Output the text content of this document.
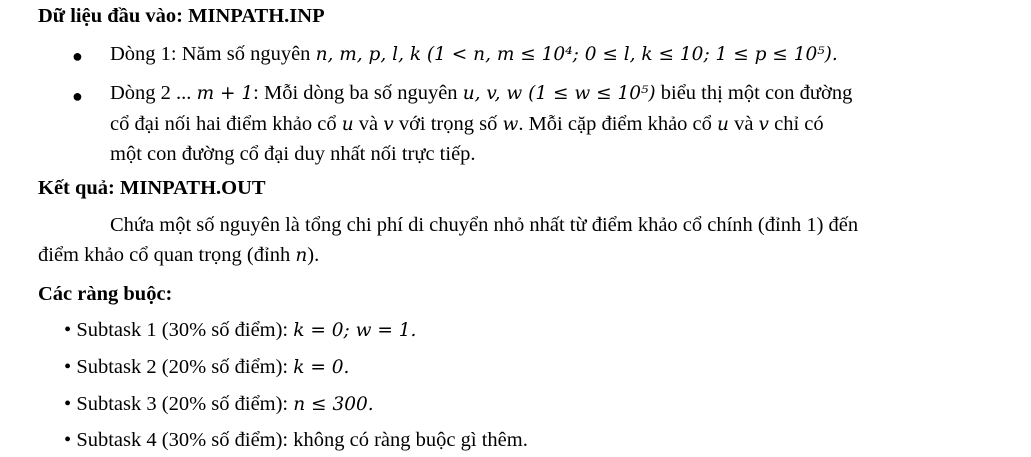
Dữ liệu đầu vào: MINPATH.INP
● Dòng 1: Năm số nguyên n, m, p, l, k (1 < n, m ≤ 10⁴; 0 ≤ l, k ≤ 10; 1 ≤ p ≤ 10⁵).
● Dòng 2 ... m + 1: Mỗi dòng ba số nguyên u, v, w (1 ≤ w ≤ 10⁵) biểu thị một con đường
cổ đại nối hai điểm khảo cổ u và v với trọng số w. Mỗi cặp điểm khảo cổ u và v chỉ có
một con đường cổ đại duy nhất nối trực tiếp.
Kết quả: MINPATH.OUT
Chứa một số nguyên là tổng chi phí di chuyển nhỏ nhất từ điểm khảo cổ chính (đỉnh 1) đến
điểm khảo cổ quan trọng (đỉnh n).
Các ràng buộc:
• Subtask 1 (30% số điểm): k = 0; w = 1.
• Subtask 2 (20% số điểm): k = 0.
• Subtask 3 (20% số điểm): n ≤ 300.
• Subtask 4 (30% số điểm): không có ràng buộc gì thêm.
